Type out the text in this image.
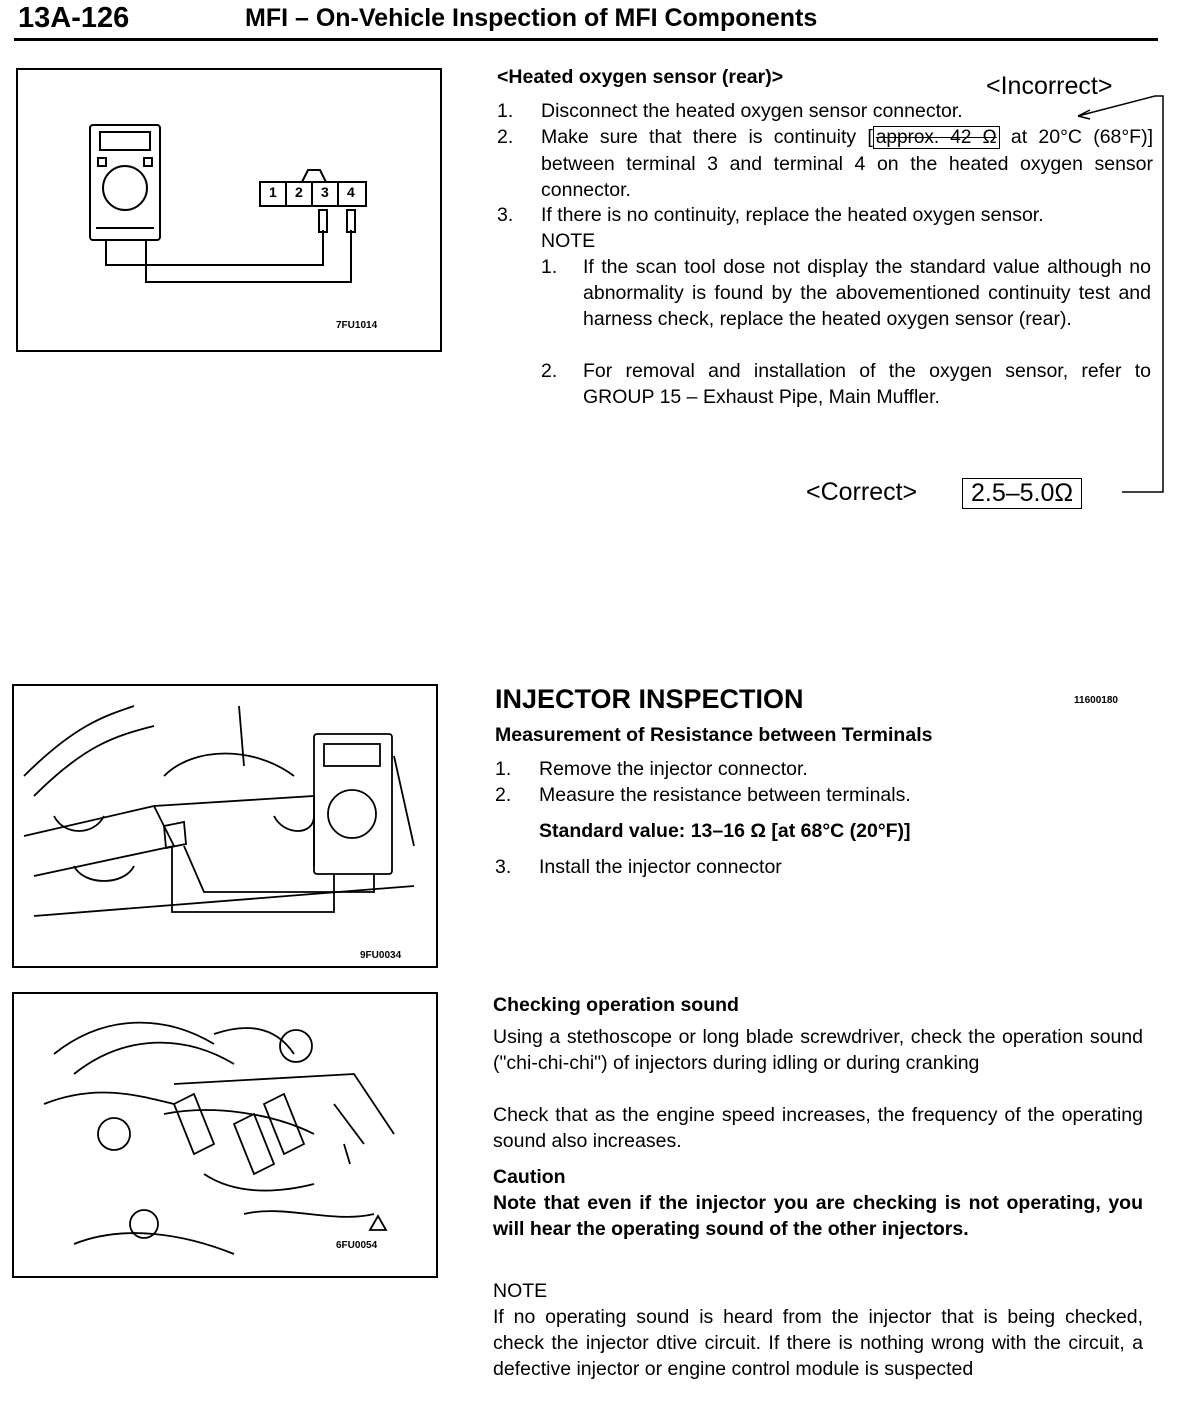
13A-126	MFI – On-Vehicle Inspection of MFI Components
1 2 3 4
7FU1014
<Heated oxygen sensor (rear)>	<Incorrect>
1. Disconnect the heated oxygen sensor connector.
2. Make sure that there is continuity [ approx. 42 Ω at 20°C (68°F)] between terminal 3 and terminal 4 on the heated oxygen sensor connector.
3. If there is no continuity, replace the heated oxygen sensor.
NOTE
1. If the scan tool dose not display the standard value although no abnormality is found by the abovementioned continuity test and harness check, replace the heated oxygen sensor (rear).
2. For removal and installation of the oxygen sensor, refer to GROUP 15 – Exhaust Pipe, Main Muffler.
<Correct>	2.5–5.0Ω
9FU0034
INJECTOR INSPECTION	11600180
Measurement of Resistance between Terminals
1. Remove the injector connector.
2. Measure the resistance between terminals.
Standard value: 13–16 Ω [at 68°C (20°F)]
3. Install the injector connector
6FU0054
Checking operation sound
Using a stethoscope or long blade screwdriver, check the operation sound ("chi-chi-chi") of injectors during idling or during cranking
Check that as the engine speed increases, the frequency of the operating sound also increases.
Caution
Note that even if the injector you are checking is not operating, you will hear the operating sound of the other injectors.
NOTE
If no operating sound is heard from the injector that is being checked, check the injector dtive circuit. If there is nothing wrong with the circuit, a defective injector or engine control module is suspected
